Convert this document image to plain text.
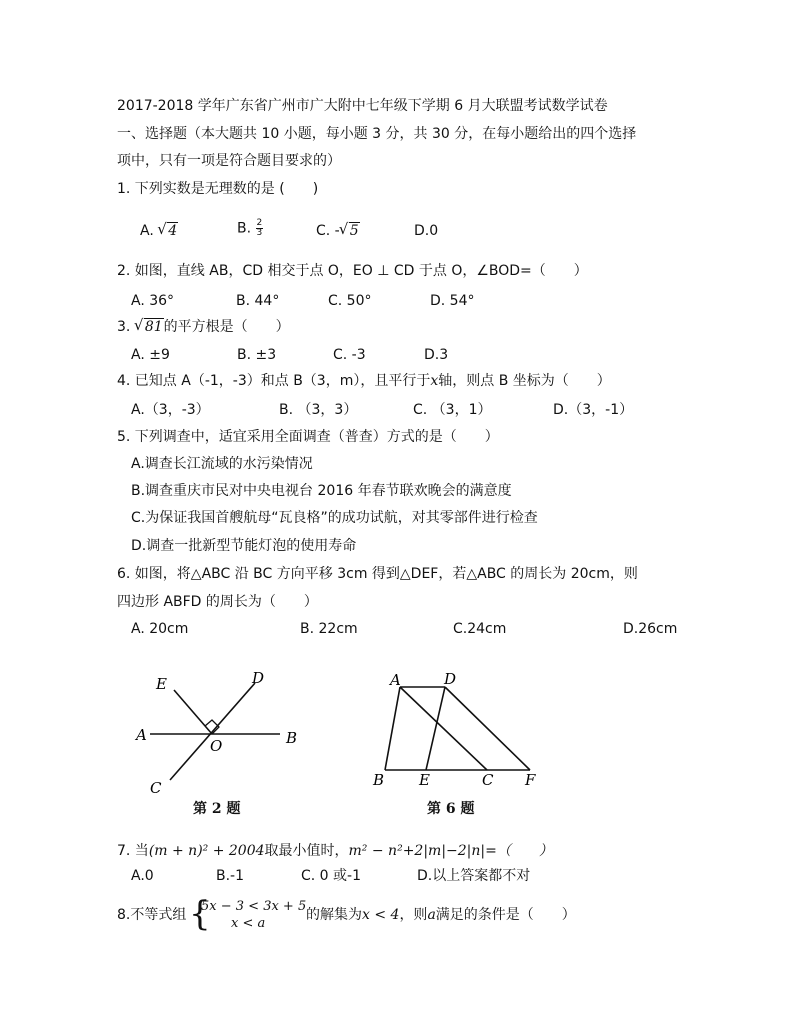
2017-2018 学年广东省广州市广大附中七年级下学期 6 月大联盟考试数学试卷
一、选择题（本大题共 10 小题，每小题 3 分，共 30 分，在每小题给出的四个选择
项中，只有一项是符合题目要求的）
1. 下列实数是无理数的是 (　　)
A. √ 4	B. $\frac{2}{3}$	C. - √ 5	D.0
2. 如图，直线 AB，CD 相交于点 O，EO ⊥ CD 于点 O，∠BOD=（　　）
A. 36°	B. 44°	C. 50°	D. 54°
3. √ 81的平方根是（　　）
A. ±9	B. ±3	C. -3	D.3
4. 已知点 A（-1，-3）和点 B（3，m），且平行于x轴，则点 B 坐标为（　　）
A.（3，-3）	B. （3，3）	C. （3，1）	D.（3，-1）
5. 下列调查中，适宜采用全面调查（普查）方式的是（　　）
A.调查长江流域的水污染情况
B.调查重庆市民对中央电视台 2016 年春节联欢晚会的满意度
C.为保证我国首艘航母“瓦良格”的成功试航，对其零部件进行检查
D.调查一批新型节能灯泡的使用寿命
6. 如图，将△ABC 沿 BC 方向平移 3cm 得到△DEF，若△ABC 的周长为 20cm，则
四边形 ABFD 的周长为（　　）
A. 20cm	B. 22cm	C.24cm	D.26cm
E	D
A
O	B
C
第 2 题
A	D
B E	C F
第 6 题
7. 当(m + n)² + 2004取最小值时，m² − n²+2|m|−2|n|=（　　）
A.0	B.-1	C. 0 或-1	D.以上答案都不对
8.不等式组 {
5x − 3 < 3x + 5
x < a
的解集为x < 4，则a满足的条件是（　　）
